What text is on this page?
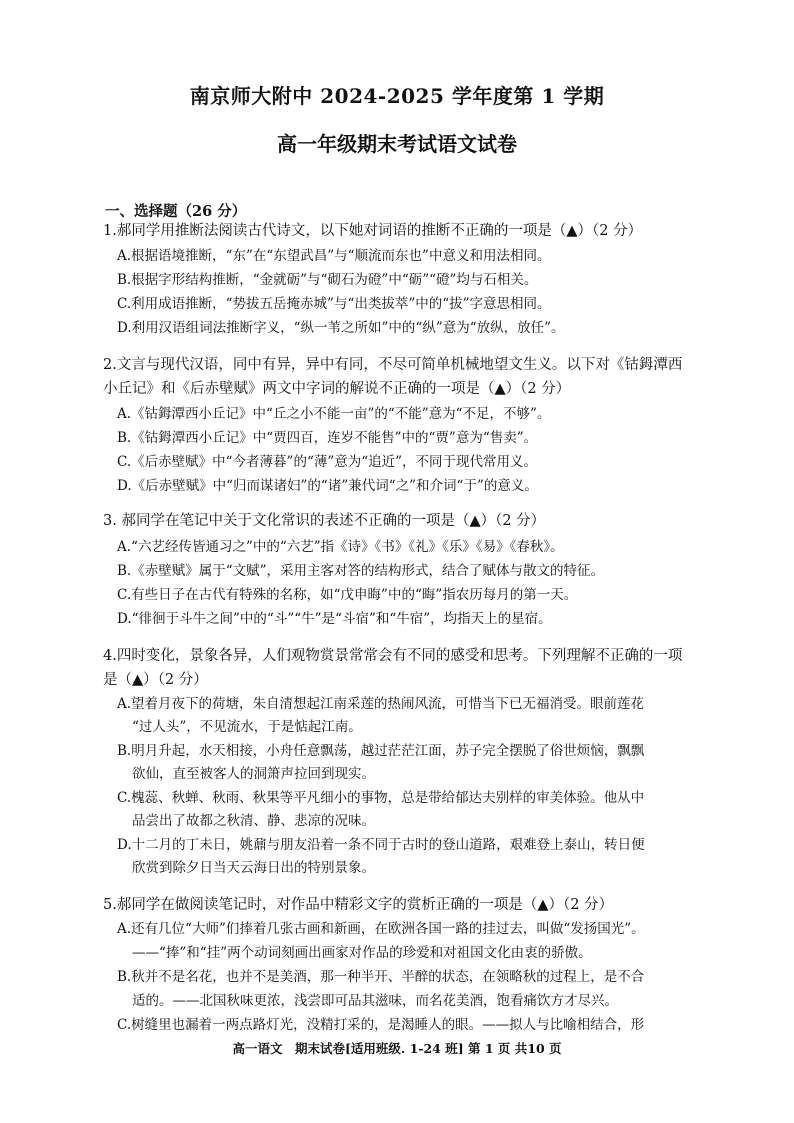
南京师大附中 2024-2025 学年度第 1 学期
高一年级期末考试语文试卷
一、选择题（26 分）
1.郝同学用推断法阅读古代诗文，以下她对词语的推断不正确的一项是（▲）（2 分）
A.根据语境推断，“东”在“东望武昌”与“顺流而东也”中意义和用法相同。
B.根据字形结构推断，“金就砺”与“砌石为磴”中“砺”“磴”均与石相关。
C.利用成语推断，“势拔五岳掩赤城”与“出类拔萃”中的“拔”字意思相同。
D.利用汉语组词法推断字义，“纵一苇之所如”中的“纵”意为“放纵，放任”。
2.文言与现代汉语，同中有异，异中有同，不尽可简单机械地望文生义。以下对《钴鉧潭西
小丘记》和《后赤壁赋》两文中字词的解说不正确的一项是（▲）（2 分）
A.《钴鉧潭西小丘记》中“丘之小不能一亩”的“不能”意为“不足，不够”。
B.《钴鉧潭西小丘记》中“贾四百，连岁不能售”中的“贾”意为“售卖”。
C.《后赤壁赋》中“今者薄暮”的“薄”意为“追近”，不同于现代常用义。
D.《后赤壁赋》中“归而谋诸妇”的“诸”兼代词“之”和介词“于”的意义。
3. 郝同学在笔记中关于文化常识的表述不正确的一项是（▲）（2 分）
A.“六艺经传皆通习之”中的“六艺”指《诗》《书》《礼》《乐》《易》《春秋》。
B.《赤壁赋》属于“文赋”，采用主客对答的结构形式，结合了赋体与散文的特征。
C.有些日子在古代有特殊的名称，如“戊申晦”中的“晦”指农历每月的第一天。
D.“徘徊于斗牛之间”中的“斗”“牛”是“斗宿”和“牛宿”，均指天上的星宿。
4.四时变化，景象各异，人们观物赏景常常会有不同的感受和思考。下列理解不正确的一项
是（▲）（2 分）
A.望着月夜下的荷塘，朱自清想起江南采莲的热闹风流，可惜当下已无福消受。眼前莲花
“过人头”，不见流水，于是惦起江南。
B.明月升起，水天相接，小舟任意飘荡，越过茫茫江面，苏子完全摆脱了俗世烦恼，飘飘
欲仙，直至被客人的洞箫声拉回到现实。
C.槐蕊、秋蝉、秋雨、秋果等平凡细小的事物，总是带给郁达夫别样的审美体验。他从中
品尝出了故都之秋清、静、悲凉的况味。
D.十二月的丁未日，姚鼐与朋友沿着一条不同于古时的登山道路，艰难登上泰山，转日便
欣赏到除夕日当天云海日出的特别景象。
5.郝同学在做阅读笔记时，对作品中精彩文字的赏析正确的一项是（▲）（2 分）
A.还有几位“大师”们捧着几张古画和新画，在欧洲各国一路的挂过去，叫做“发扬国光”。
——“捧”和“挂”两个动词刻画出画家对作品的珍爱和对祖国文化由衷的骄傲。
B.秋并不是名花，也并不是美酒，那一种半开、半醉的状态，在领略秋的过程上，是不合
适的。——北国秋味更浓，浅尝即可品其滋味，而名花美酒，饱看痛饮方才尽兴。
C.树缝里也漏着一两点路灯光，没精打采的，是渴睡人的眼。——拟人与比喻相结合，形
高一语文　期末试卷[适用班级. 1-24 班] 第 1 页 共10 页
